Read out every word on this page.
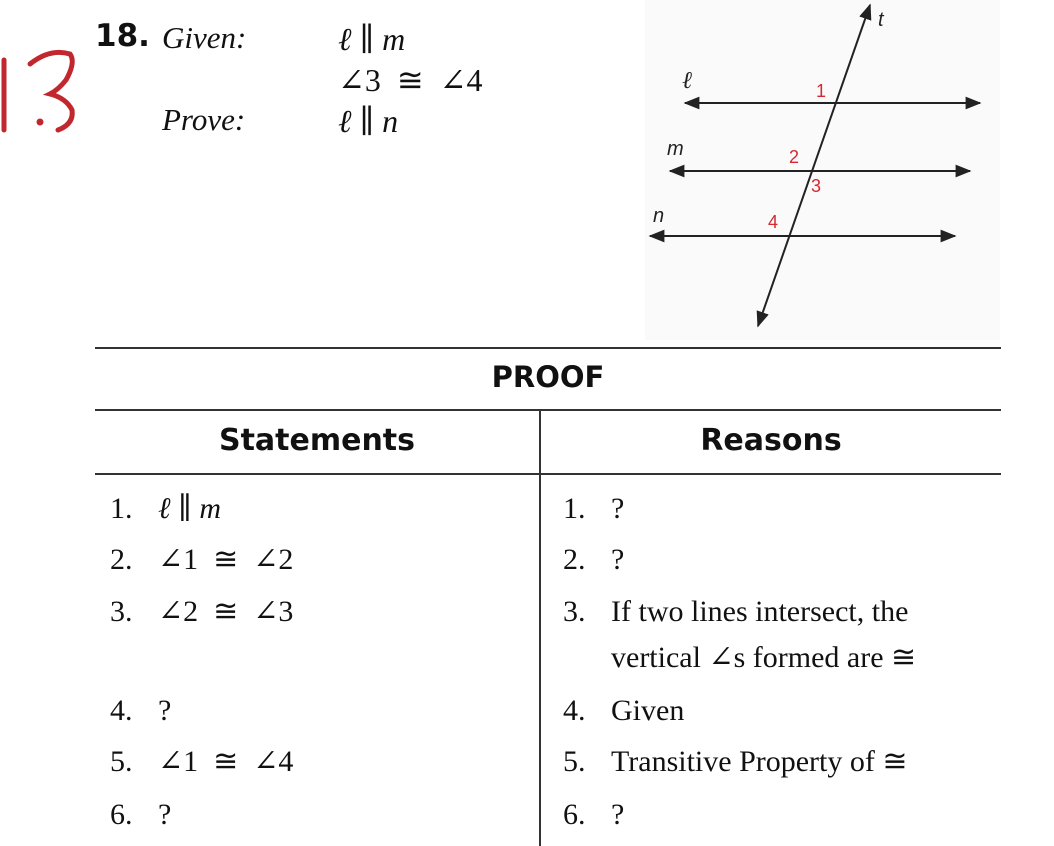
18. Given:
Prove:
ℓ ∥ m
∠3  ≅  ∠4
ℓ ∥ n
t
ℓ
m
n
1
2
3
4
PROOF
Statements	Reasons
1. ℓ ∥ m
2. ∠1  ≅  ∠2
3. ∠2  ≅  ∠3
4. ?
5. ∠1  ≅  ∠4
6. ?
1. ?
2. ?
3. If two lines intersect, the
vertical ∠s formed are ≅
4. Given
5. Transitive Property of ≅
6. ?
